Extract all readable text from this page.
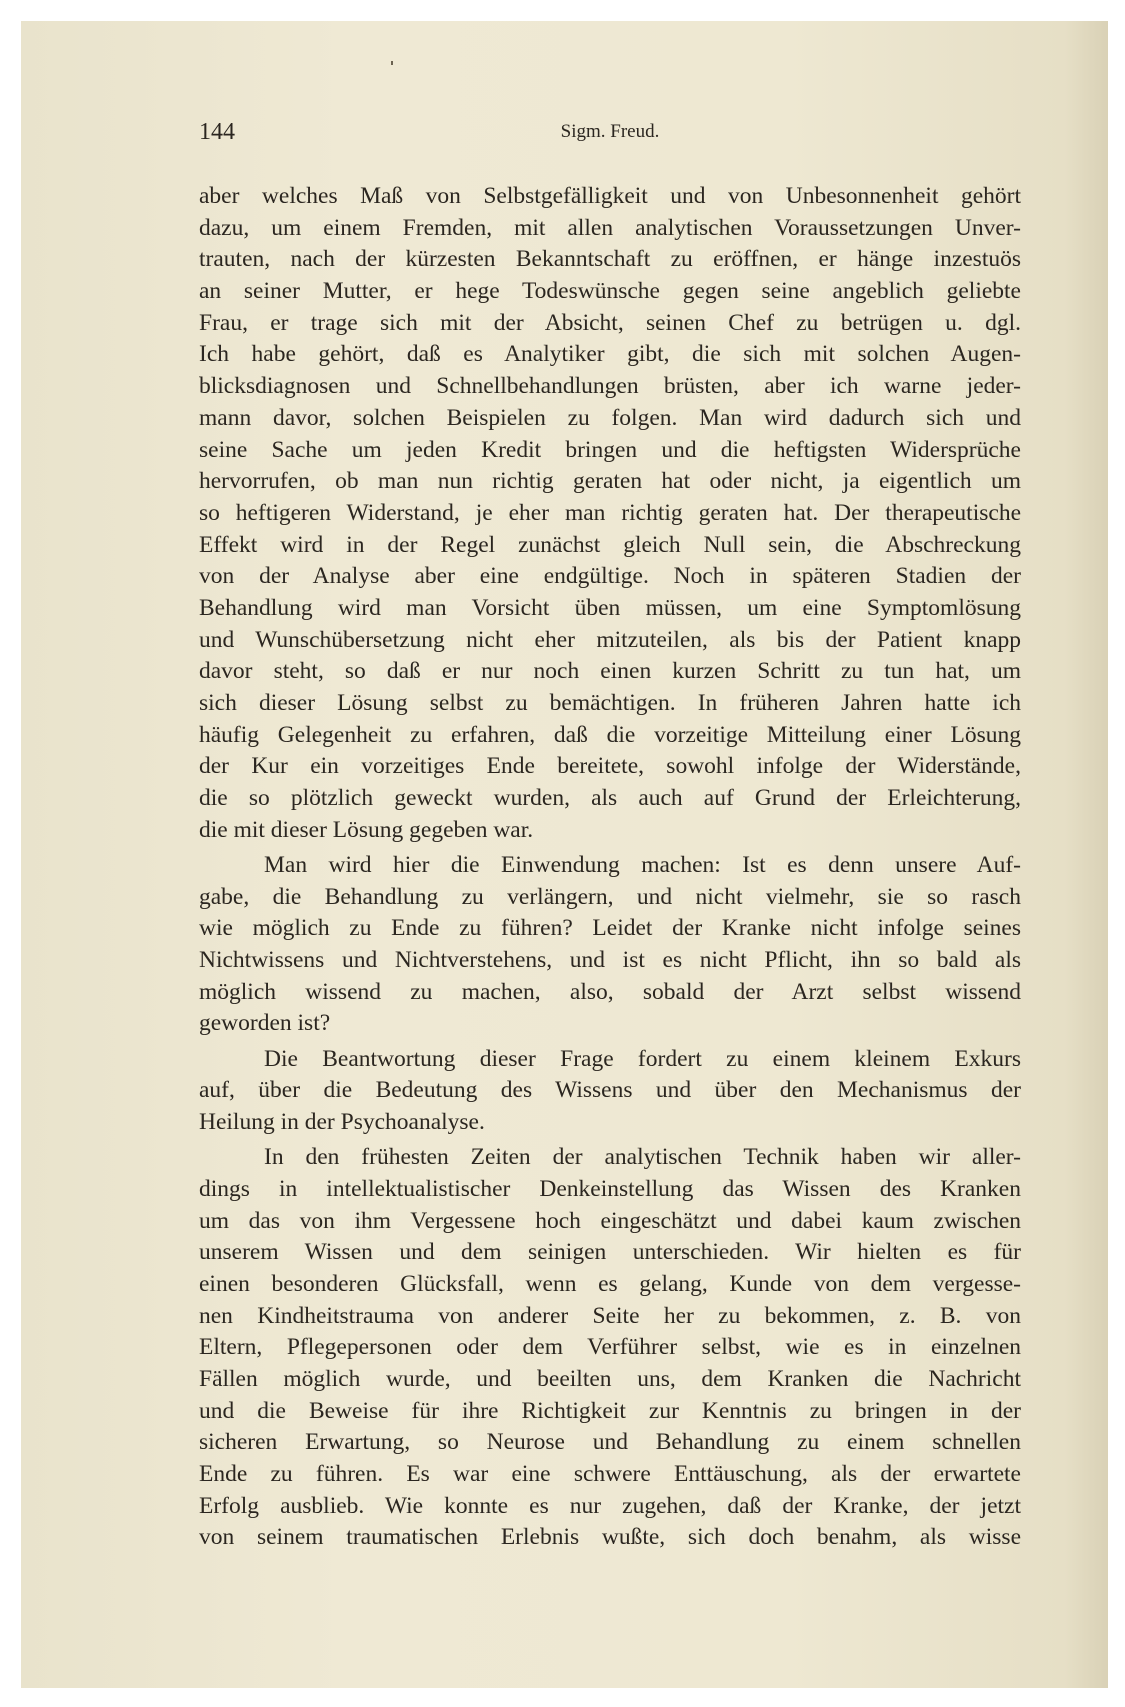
144	Sigm. Freud.
aber welches Maß von Selbstgefälligkeit und von Unbesonnenheit gehört
dazu, um einem Fremden, mit allen analytischen Voraussetzungen Unver-
trauten, nach der kürzesten Bekanntschaft zu eröffnen, er hänge inzestuös
an seiner Mutter, er hege Todeswünsche gegen seine angeblich geliebte
Frau, er trage sich mit der Absicht, seinen Chef zu betrügen u. dgl.
Ich habe gehört, daß es Analytiker gibt, die sich mit solchen Augen-
blicksdiagnosen und Schnellbehandlungen brüsten, aber ich warne jeder-
mann davor, solchen Beispielen zu folgen. Man wird dadurch sich und
seine Sache um jeden Kredit bringen und die heftigsten Widersprüche
hervorrufen, ob man nun richtig geraten hat oder nicht, ja eigentlich um
so heftigeren Widerstand, je eher man richtig geraten hat. Der therapeutische
Effekt wird in der Regel zunächst gleich Null sein, die Abschreckung
von der Analyse aber eine endgültige. Noch in späteren Stadien der
Behandlung wird man Vorsicht üben müssen, um eine Symptomlösung
und Wunschübersetzung nicht eher mitzuteilen, als bis der Patient knapp
davor steht, so daß er nur noch einen kurzen Schritt zu tun hat, um
sich dieser Lösung selbst zu bemächtigen. In früheren Jahren hatte ich
häufig Gelegenheit zu erfahren, daß die vorzeitige Mitteilung einer Lösung
der Kur ein vorzeitiges Ende bereitete, sowohl infolge der Widerstände,
die so plötzlich geweckt wurden, als auch auf Grund der Erleichterung,
die mit dieser Lösung gegeben war.
Man wird hier die Einwendung machen: Ist es denn unsere Auf-
gabe, die Behandlung zu verlängern, und nicht vielmehr, sie so rasch
wie möglich zu Ende zu führen? Leidet der Kranke nicht infolge seines
Nichtwissens und Nichtverstehens, und ist es nicht Pflicht, ihn so bald als
möglich wissend zu machen, also, sobald der Arzt selbst wissend
geworden ist?
Die Beantwortung dieser Frage fordert zu einem kleinem Exkurs
auf, über die Bedeutung des Wissens und über den Mechanismus der
Heilung in der Psychoanalyse.
In den frühesten Zeiten der analytischen Technik haben wir aller-
dings in intellektualistischer Denkeinstellung das Wissen des Kranken
um das von ihm Vergessene hoch eingeschätzt und dabei kaum zwischen
unserem Wissen und dem seinigen unterschieden. Wir hielten es für
einen besonderen Glücksfall, wenn es gelang, Kunde von dem vergesse-
nen Kindheitstrauma von anderer Seite her zu bekommen, z. B. von
Eltern, Pflegepersonen oder dem Verführer selbst, wie es in einzelnen
Fällen möglich wurde, und beeilten uns, dem Kranken die Nachricht
und die Beweise für ihre Richtigkeit zur Kenntnis zu bringen in der
sicheren Erwartung, so Neurose und Behandlung zu einem schnellen
Ende zu führen. Es war eine schwere Enttäuschung, als der erwartete
Erfolg ausblieb. Wie konnte es nur zugehen, daß der Kranke, der jetzt
von seinem traumatischen Erlebnis wußte, sich doch benahm, als wisse
